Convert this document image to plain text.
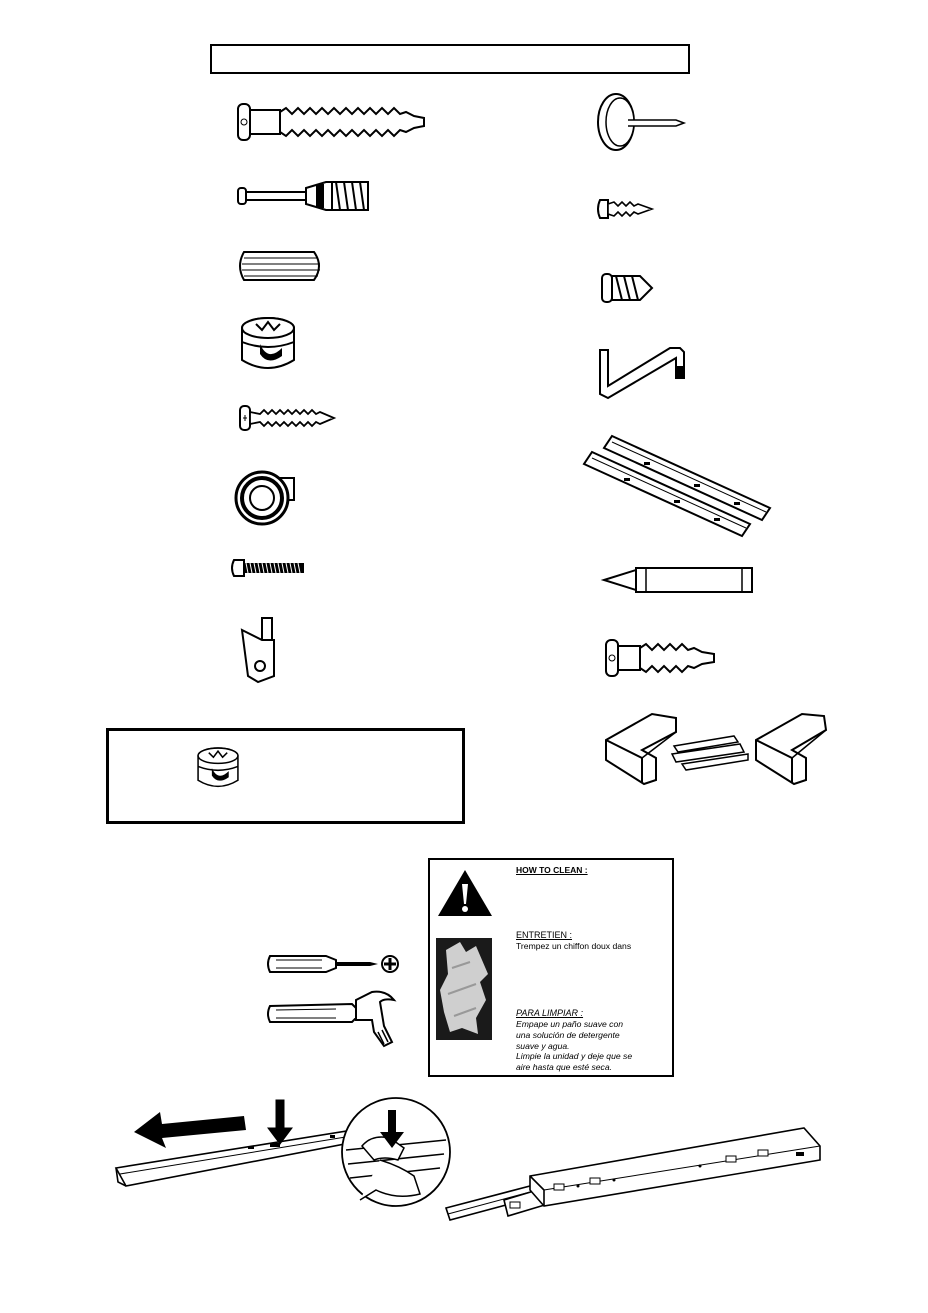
HOW TO CLEAN :
ENTRETIEN :
Trempez un chiffon doux dans
PARA LIMPIAR :
Empape un paño suave con
una solución de detergente
suave y agua.
Limpie la unidad y deje que se
aire hasta que esté seca.
